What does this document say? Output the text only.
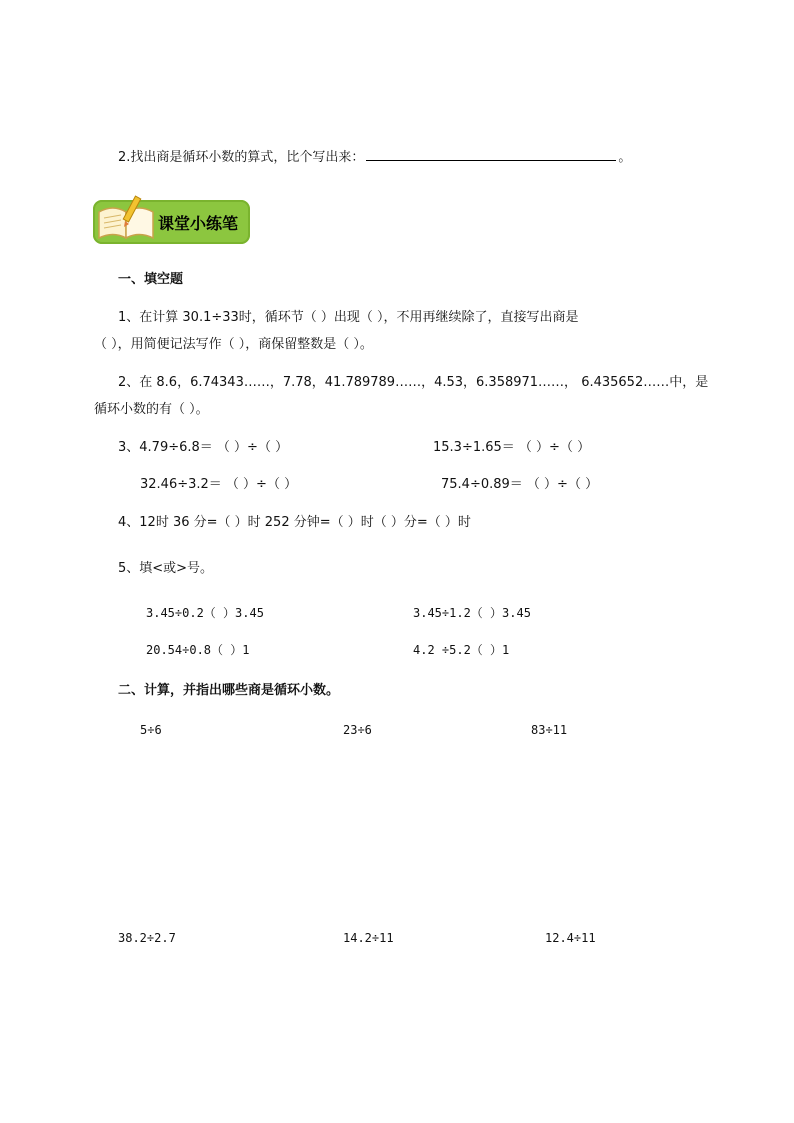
2.找出商是循环小数的算式，比个写出来：	。
课堂小练笔
一、填空题
1、在计算 30.1÷33时，循环节（ ）出现（ ），不用再继续除了，直接写出商是
（ ），用简便记法写作（ ），商保留整数是（ ）。
2、在 8.6，6.74343……，7.78，41.789789……，4.53，6.358971……， 6.435652……中，是
循环小数的有（ ）。
3、4.79÷6.8＝ （ ）÷（ ）	15.3÷1.65＝ （ ）÷（ ）
32.46÷3.2＝ （ ）÷（ ）	75.4÷0.89＝ （ ）÷（ ）
4、12时 36 分=（ ）时 252 分钟=（ ）时（ ）分=（ ）时
5、填<或>号。
3.45÷0.2（ ）3.45	3.45÷1.2（ ）3.45
20.54÷0.8（ ）1	4.2 ÷5.2（ ）1
二、计算，并指出哪些商是循环小数。
5÷6	23÷6	83÷11
38.2÷2.7	14.2÷11	12.4÷11
